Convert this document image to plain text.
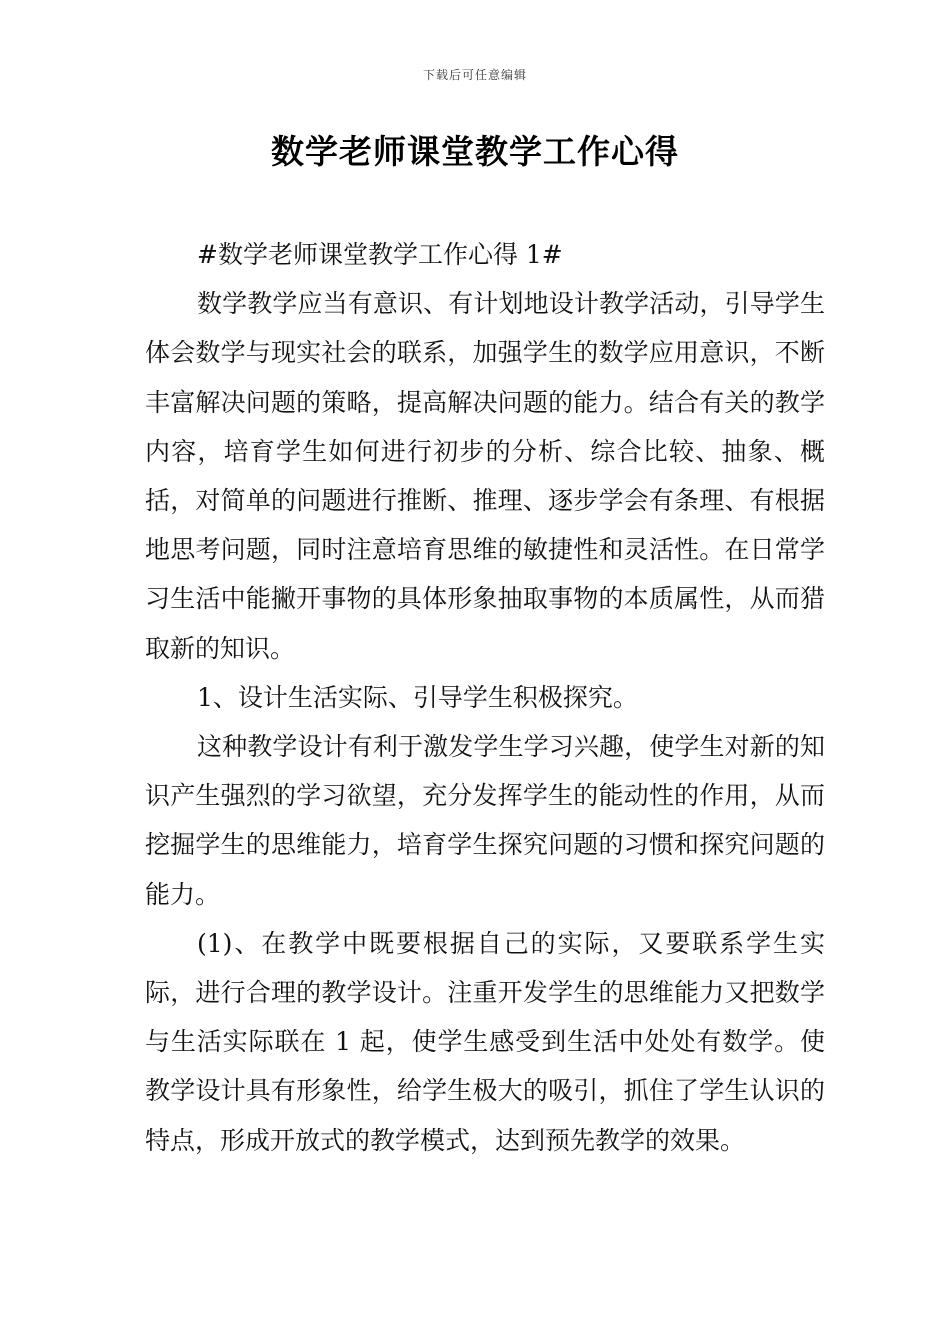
下载后可任意编辑
数学老师课堂教学工作心得

#数学老师课堂教学工作心得 1#

数学教学应当有意识、有计划地设计教学活动，引导学生体会数学与现实社会的联系，加强学生的数学应用意识，不断丰富解决问题的策略，提高解决问题的能力。结合有关的教学内容，培育学生如何进行初步的分析、综合比较、抽象、概括，对简单的问题进行推断、推理、逐步学会有条理、有根据地思考问题，同时注意培育思维的敏捷性和灵活性。在日常学习生活中能撇开事物的具体形象抽取事物的本质属性，从而猎取新的知识。

1、设计生活实际、引导学生积极探究。

这种教学设计有利于激发学生学习兴趣，使学生对新的知识产生强烈的学习欲望，充分发挥学生的能动性的作用，从而挖掘学生的思维能力，培育学生探究问题的习惯和探究问题的能力。

(1)、在教学中既要根据自己的实际，又要联系学生实际，进行合理的教学设计。注重开发学生的思维能力又把数学与生活实际联在 1 起，使学生感受到生活中处处有数学。使教学设计具有形象性，给学生极大的吸引，抓住了学生认识的特点，形成开放式的教学模式，达到预先教学的效果。
